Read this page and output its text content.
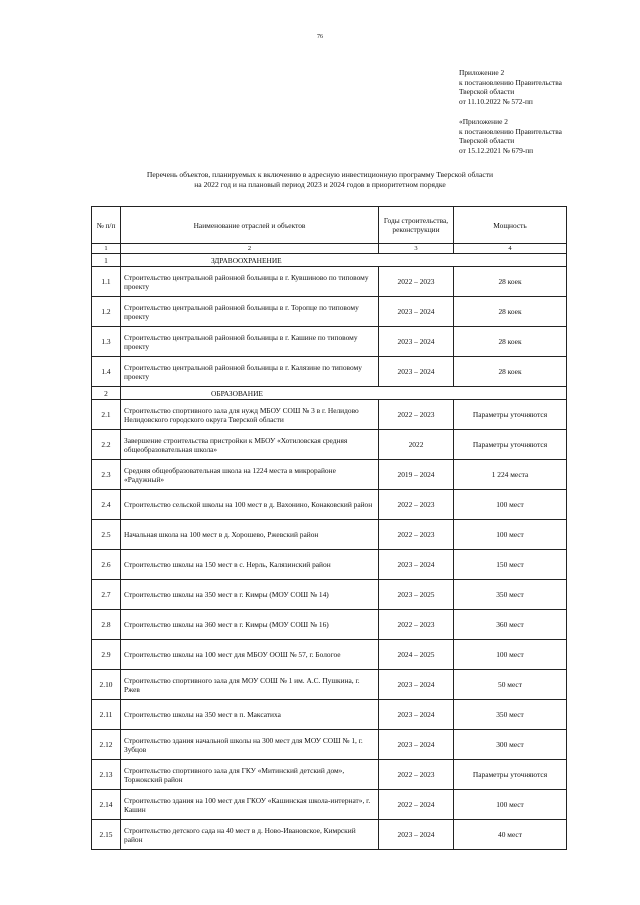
76
Приложение 2
к постановлению Правительства
Тверской области
от 11.10.2022 № 572-пп
«Приложение 2
к постановлению Правительства
Тверской области
от 15.12.2021 № 679-пп
Перечень объектов, планируемых к включению в адресную инвестиционную программу Тверской области
на 2022 год и на плановый период 2023 и 2024 годов в приоритетном порядке
№ п/п	Наименование отраслей и объектов	Годы строительства, реконструкции	Мощность
1	2	3	4
1	ЗДРАВООХРАНЕНИЕ		
1.1	Строительство центральной районной больницы в г. Кувшиново по типовому проекту	2022 – 2023	28 коек
1.2	Строительство центральной районной больницы в г. Торопце по типовому проекту	2023 – 2024	28 коек
1.3	Строительство центральной районной больницы в г. Кашине по типовому проекту	2023 – 2024	28 коек
1.4	Строительство центральной районной больницы в г. Калязине по типовому проекту	2023 – 2024	28 коек
2	ОБРАЗОВАНИЕ		
2.1	Строительство спортивного зала для нужд МБОУ СОШ № 3 в г. Нелидово Нелидовского городского округа Тверской области	2022 – 2023	Параметры уточняются
2.2	Завершение строительства пристройки к МБОУ «Хотиловская средняя общеобразовательная школа»	2022	Параметры уточняются
2.3	Средняя общеобразовательная школа на 1224 места в микрорайоне «Радужный»	2019 – 2024	1 224 места
2.4	Строительство сельской школы на 100 мест в д. Вахонино, Конаковский район	2022 – 2023	100 мест
2.5	Начальная школа на 100 мест в д. Хорошево, Ржевский район	2022 – 2023	100 мест
2.6	Строительство школы на 150 мест в с. Нерль, Калязинский район	2023 – 2024	150 мест
2.7	Строительство школы на 350 мест в г. Кимры (МОУ СОШ № 14)	2023 – 2025	350 мест
2.8	Строительство школы на 360 мест в г. Кимры (МОУ СОШ № 16)	2022 – 2023	360 мест
2.9	Строительство школы на 100 мест для МБОУ ООШ № 57, г. Бологое	2024 – 2025	100 мест
2.10	Строительство спортивного зала для МОУ СОШ № 1 им. А.С. Пушкина, г. Ржев	2023 – 2024	50 мест
2.11	Строительство школы на 350 мест в п. Максатиха	2023 – 2024	350 мест
2.12	Строительство здания начальной школы на 300 мест для МОУ СОШ № 1, г. Зубцов	2023 – 2024	300 мест
2.13	Строительство спортивного зала для ГКУ «Митинский детский дом», Торжокский район	2022 – 2023	Параметры уточняются
2.14	Строительство здания на 100 мест для ГКОУ «Кашинская школа-интернат», г. Кашин	2022 – 2024	100 мест
2.15	Строительство детского сада на 40 мест в д. Ново-Ивановское, Кимрский район	2023 – 2024	40 мест
